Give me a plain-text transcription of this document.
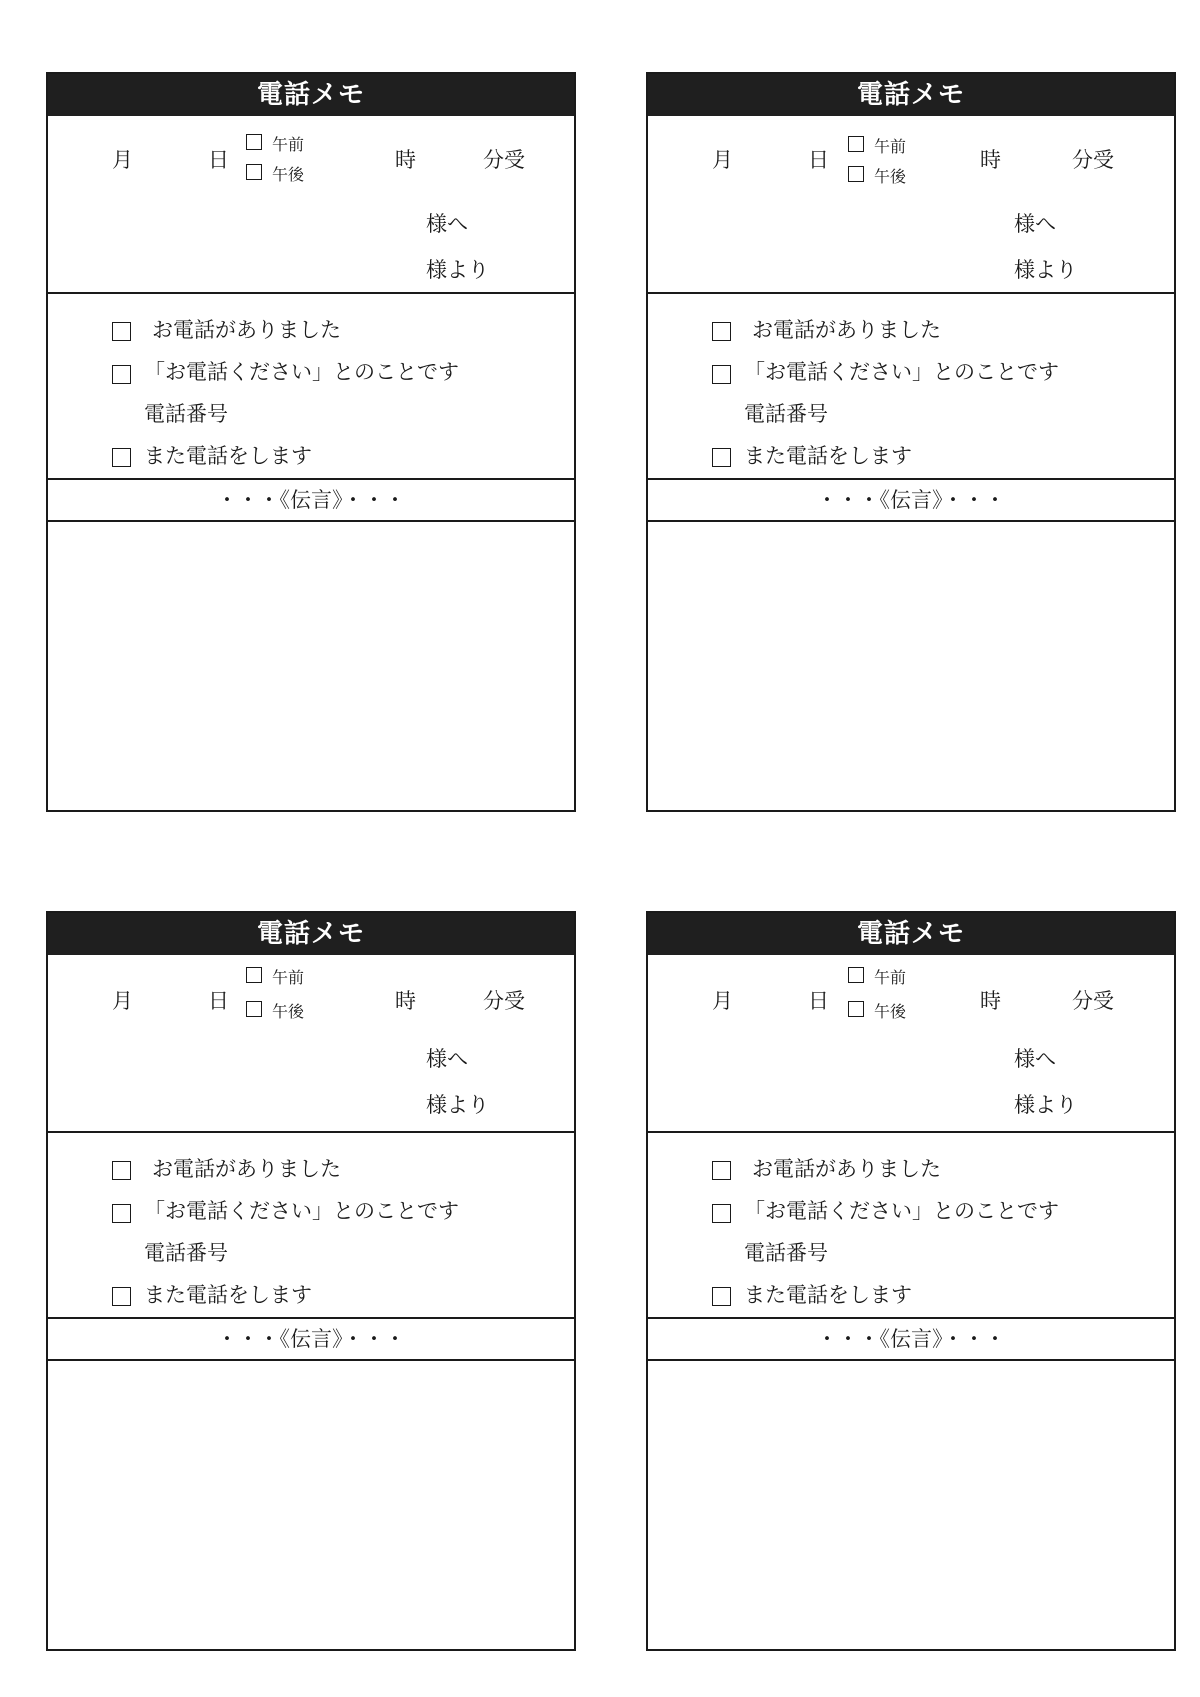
電話メモ
月	日
午前
午後
時	分受
様へ
様より
お電話がありました
「お電話ください」とのことです
電話番号
また電話をします
・・・《伝言》・・・
電話メモ
月	日
午前
午後
時	分受
様へ
様より
お電話がありました
「お電話ください」とのことです
電話番号
また電話をします
・・・《伝言》・・・
電話メモ
月	日
午前
午後	時	分受
様へ
様より
お電話がありました
「お電話ください」とのことです
電話番号
また電話をします
・・・《伝言》・・・
電話メモ
月	日
午前
午後	時	分受
様へ
様より
お電話がありました
「お電話ください」とのことです
電話番号
また電話をします
・・・《伝言》・・・
